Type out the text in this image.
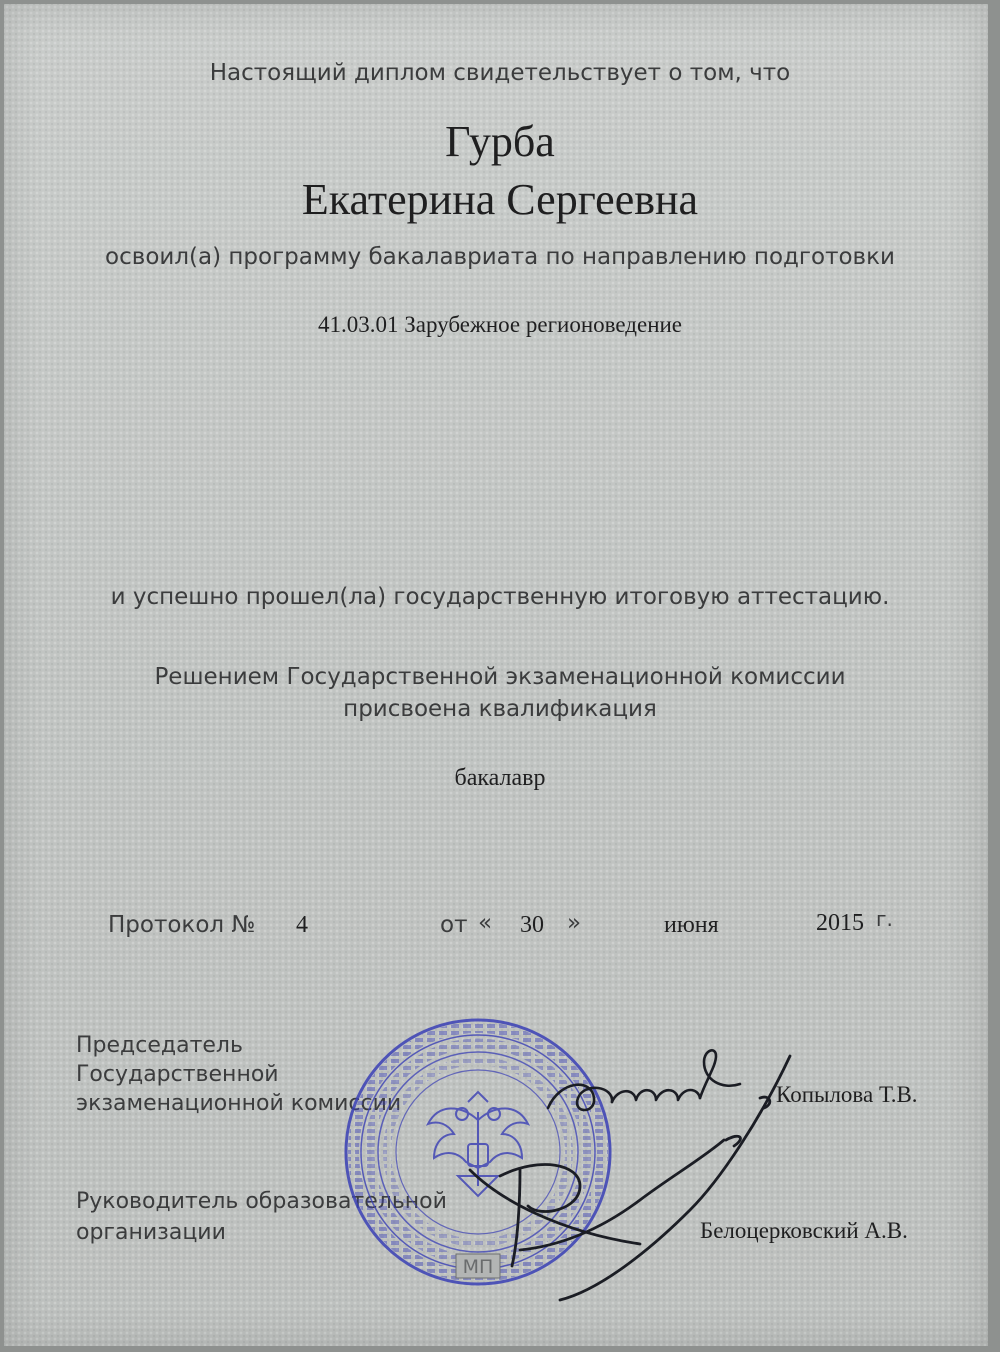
Настоящий диплом свидетельствует о том, что

Гурба

Екатерина Сергеевна

освоил(а) программу бакалавриата по направлению подготовки

41.03.01 Зарубежное регионоведение

и успешно прошел(ла) государственную итоговую аттестацию.

Решением Государственной экзаменационной комиссии

присвоена квалификация

бакалавр

Протокол № 4	от « 30 »	июня	2015 г.
Председатель
Государственной
экзаменационной комиссии	Копылова Т.В.
Руководитель образовательной
организации	Белоцерковский А.В.
МП
